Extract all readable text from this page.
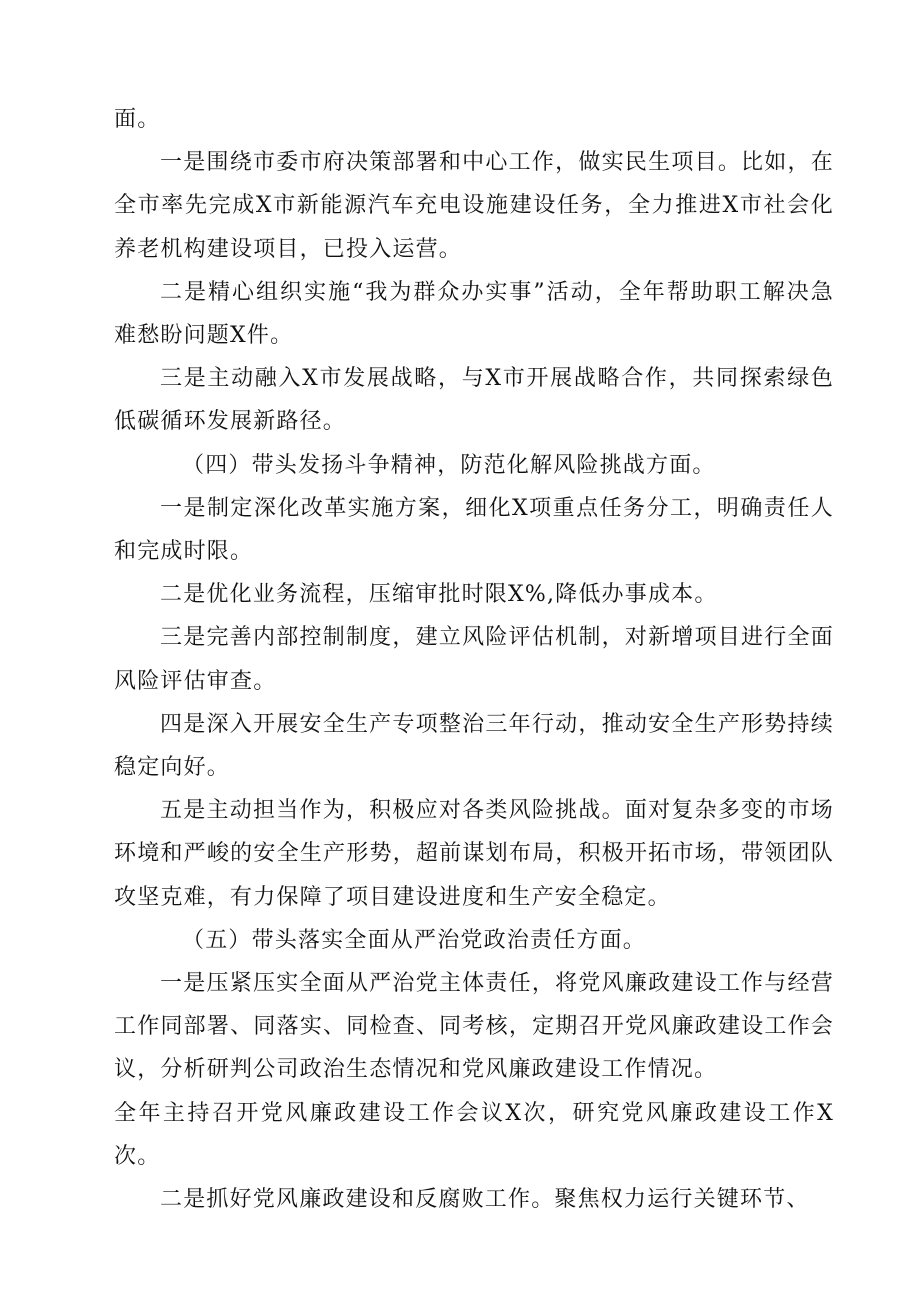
面。

一是围绕市委市府决策部署和中心工作，做实民生项目。比如，在全市率先完成X市新能源汽车充电设施建设任务，全力推进X市社会化养老机构建设项目，已投入运营。

二是精心组织实施“我为群众办实事”活动，全年帮助职工解决急难愁盼问题X件。

三是主动融入X市发展战略，与X市开展战略合作，共同探索绿色低碳循环发展新路径。

（四）带头发扬斗争精神，防范化解风险挑战方面。

一是制定深化改革实施方案，细化X项重点任务分工，明确责任人和完成时限。

二是优化业务流程，压缩审批时限X%,降低办事成本。

三是完善内部控制制度，建立风险评估机制，对新增项目进行全面风险评估审查。

四是深入开展安全生产专项整治三年行动，推动安全生产形势持续稳定向好。

五是主动担当作为，积极应对各类风险挑战。面对复杂多变的市场环境和严峻的安全生产形势，超前谋划布局，积极开拓市场，带领团队攻坚克难，有力保障了项目建设进度和生产安全稳定。

（五）带头落实全面从严治党政治责任方面。

一是压紧压实全面从严治党主体责任，将党风廉政建设工作与经营工作同部署、同落实、同检查、同考核，定期召开党风廉政建设工作会议，分析研判公司政治生态情况和党风廉政建设工作情况。

全年主持召开党风廉政建设工作会议X次，研究党风廉政建设工作X次。

二是抓好党风廉政建设和反腐败工作。聚焦权力运行关键环节、
